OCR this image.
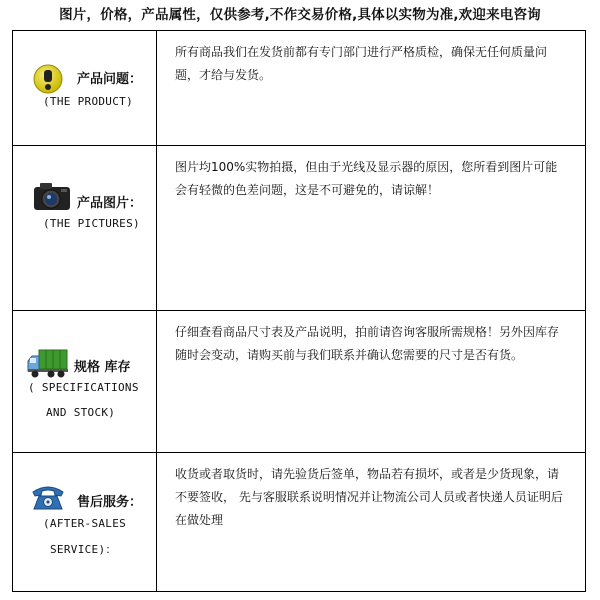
图片，价格，产品属性，仅供参考,不作交易价格,具体以实物为准,欢迎来电咨询
产品问题：
(THE PRODUCT)
所有商品我们在发货前都有专门部门进行严格质检，确保无任何质量问题，才给与发货。
产品图片：
(THE PICTURES)
图片均100%实物拍摄，但由于光线及显示器的原因，您所看到图片可能会有轻微的色差问题，这是不可避免的，请谅解！
规格 库存
( SPECIFICATIONS
AND STOCK)
仔细查看商品尺寸表及产品说明，拍前请咨询客服所需规格！另外因库存随时会变动，请购买前与我们联系并确认您需要的尺寸是否有货。
售后服务：
(AFTER-SALES
SERVICE)：
收货或者取货时，请先验货后签单，物品若有损坏，或者是少货现象，请不要签收， 先与客服联系说明情况并让物流公司人员或者快递人员证明后在做处理
